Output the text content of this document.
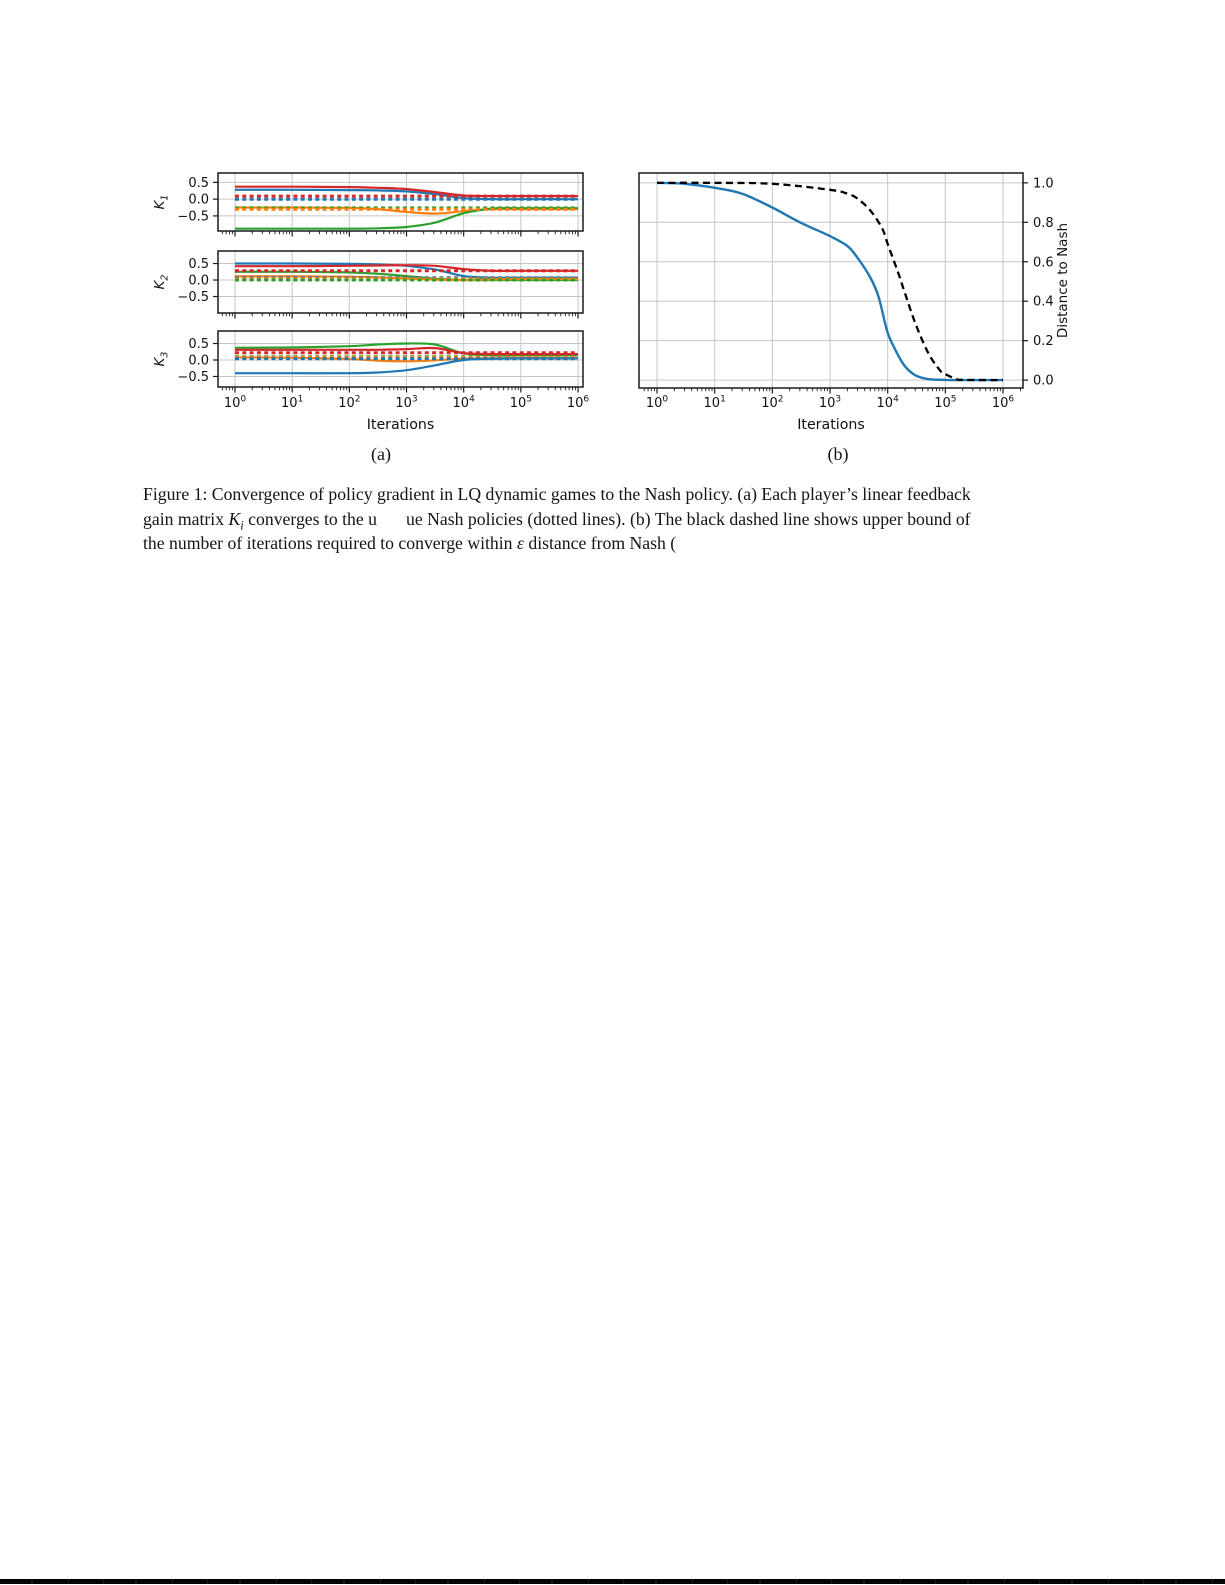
0.5
0.0
−0.5
$K_1$
0.5
0.0
−0.5
$K_2$
0.5
0.0
−0.5
$K_3$
$10^0$	$10^1$	$10^2$	$10^3$	$10^4$	$10^5$	$10^6$
Iterations
1.0
0.8
0.6
0.4
0.2
0.0
$10^0$	$10^1$	$10^2$	$10^3$	$10^4$	$10^5$	$10^6$
Iterations
Distance to Nash
(a)	(b)
Figure 1: Convergence of policy gradient in LQ dynamic games to the Nash policy. (a) Each player’s linear feedback
gain matrix $K_i$ converges to the u ue Nash policies (dotted lines). (b) The black dashed line shows upper bound of
the number of iterations required to converge within ε distance from Nash (
